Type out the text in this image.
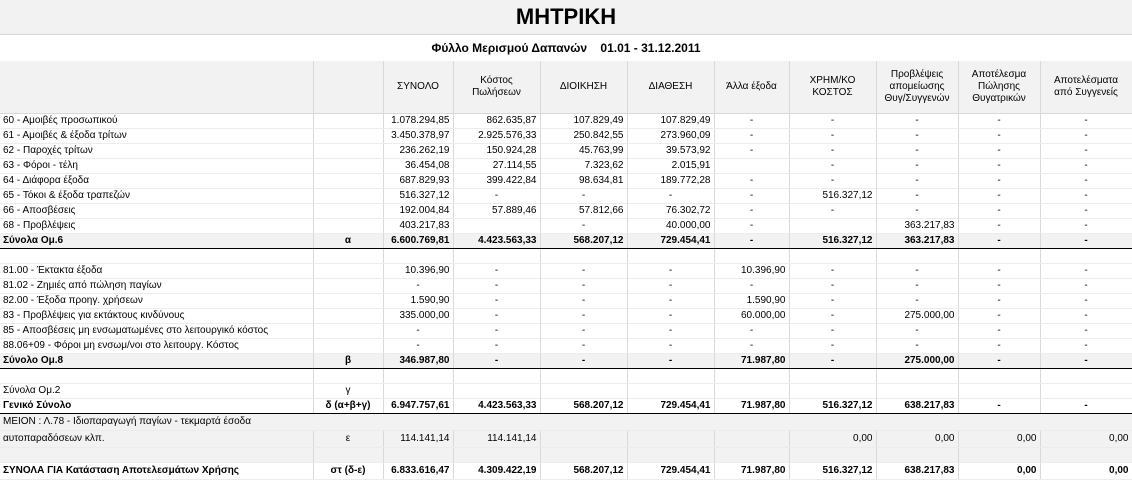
ΜΗΤΡΙΚΗ
Φύλλο Μερισμού Δαπανών    01.01 - 31.12.2011
		ΣΥΝΟΛΟ	Κόστος Πωλήσεων	ΔΙΟΙΚΗΣΗ	ΔΙΑΘΕΣΗ	Άλλα έξοδα	ΧΡΗΜ/ΚΟ ΚΟΣΤΟΣ	Προβλέψεις απομείωσης Θυγ/Συγγενών	Αποτέλεσμα Πώλησης Θυγατρικών	Αποτελέσματα από Συγγενείς
60 - Αμοιβές προσωπικού		1.078.294,85	862.635,87	107.829,49	107.829,49	-	-	-	-	-
61 - Αμοιβές & έξοδα τρίτων		3.450.378,97	2.925.576,33	250.842,55	273.960,09	-	-	-	-	-
62 - Παροχές τρίτων		236.262,19	150.924,28	45.763,99	39.573,92	-	-	-	-	-
63 - Φόροι - τέλη		36.454,08	27.114,55	7.323,62	2.015,91		-	-	-	-
64 - Διάφορα έξοδα		687.829,93	399.422,84	98.634,81	189.772,28	-	-	-	-	-
65 - Τόκοι & έξοδα τραπεζών		516.327,12	-	-	-	-	516.327,12	-	-	-
66 - Αποσβέσεις		192.004,84	57.889,46	57.812,66	76.302,72	-	-	-	-	-
68 - Προβλέψεις		403.217,83		-	40.000,00	-		363.217,83	-	-
Σύνολα Ομ.6	α	6.600.769,81	4.423.563,33	568.207,12	729.454,41	-	516.327,12	363.217,83	-	-

81.00 - Έκτακτα έξοδα		10.396,90	-	-	-	10.396,90	-	-	-	-
81.02 - Ζημιές από πώληση παγίων		-	-	-	-	-	-	-	-	-
82.00 - Έξοδα προηγ. χρήσεων		1.590,90	-	-	-	1.590,90	-	-	-	-
83 - Προβλέψεις για εκτάκτους κινδύνους		335.000,00	-	-	-	60.000,00	-	275.000,00	-	-
85 - Αποσβέσεις μη ενσωματωμένες στο λειτουργικό κόστος		-	-	-	-	-	-	-	-	-
88.06+09 - Φόροι μη ενσωμ/νοι στο λειτουργ. Κόστος		-	-	-	-	-	-	-	-	-
Σύνολο Ομ.8	β	346.987,80	-	-	-	71.987,80	-	275.000,00	-	-

Σύνολα Ομ.2	γ									
Γενικό Σύνολο	δ (α+β+γ)	6.947.757,61	4.423.563,33	568.207,12	729.454,41	71.987,80	516.327,12	638.217,83	-	-
ΜΕΙΟΝ : Λ.78 - Ιδιοπαραγωγή παγίων - τεκμαρτά έσοδα										
αυτοπαραδόσεων κλπ.	ε	114.141,14	114.141,14				0,00	0,00	0,00	0,00

ΣΥΝΟΛΑ ΓΙΑ Κατάσταση Αποτελεσμάτων Χρήσης	στ (δ-ε)	6.833.616,47	4.309.422,19	568.207,12	729.454,41	71.987,80	516.327,12	638.217,83	0,00	0,00
